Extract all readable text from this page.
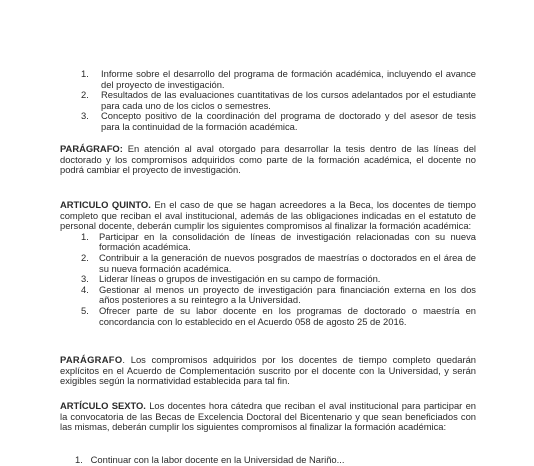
1. Informe sobre el desarrollo del programa de formación académica, incluyendo el avance del proyecto de investigación.
2. Resultados de las evaluaciones cuantitativas de los cursos adelantados por el estudiante para cada uno de los ciclos o semestres.
3. Concepto positivo de la coordinación del programa de doctorado y del asesor de tesis para la continuidad de la formación académica.
PARÁGRAFO: En atención al aval otorgado para desarrollar la tesis dentro de las líneas del doctorado y los compromisos adquiridos como parte de la formación académica, el docente no podrá cambiar el proyecto de investigación.
ARTICULO QUINTO. En el caso de que se hagan acreedores a la Beca, los docentes de tiempo completo que reciban el aval institucional, además de las obligaciones indicadas en el estatuto de personal docente, deberán cumplir los siguientes compromisos al finalizar la formación académica:
1. Participar en la consolidación de líneas de investigación relacionadas con su nueva formación académica.
2. Contribuir a la generación de nuevos posgrados de maestrías o doctorados en el área de su nueva formación académica.
3. Liderar líneas o grupos de investigación en su campo de formación.
4. Gestionar al menos un proyecto de investigación para financiación externa en los dos años posteriores a su reintegro a la Universidad.
5. Ofrecer parte de su labor docente en los programas de doctorado o maestría en concordancia con lo establecido en el Acuerdo 058 de agosto 25 de 2016.
PARÁGRAFO. Los compromisos adquiridos por los docentes de tiempo completo quedarán explícitos en el Acuerdo de Complementación suscrito por el docente con la Universidad, y serán exigibles según la normatividad establecida para tal fin.
ARTÍCULO SEXTO. Los docentes hora cátedra que reciban el aval institucional para participar en la convocatoria de las Becas de Excelencia Doctoral del Bicentenario y que sean beneficiados con las mismas, deberán cumplir los siguientes compromisos al finalizar la formación académica:
1. Continuar con la labor docente en la Universidad de Nariño...
